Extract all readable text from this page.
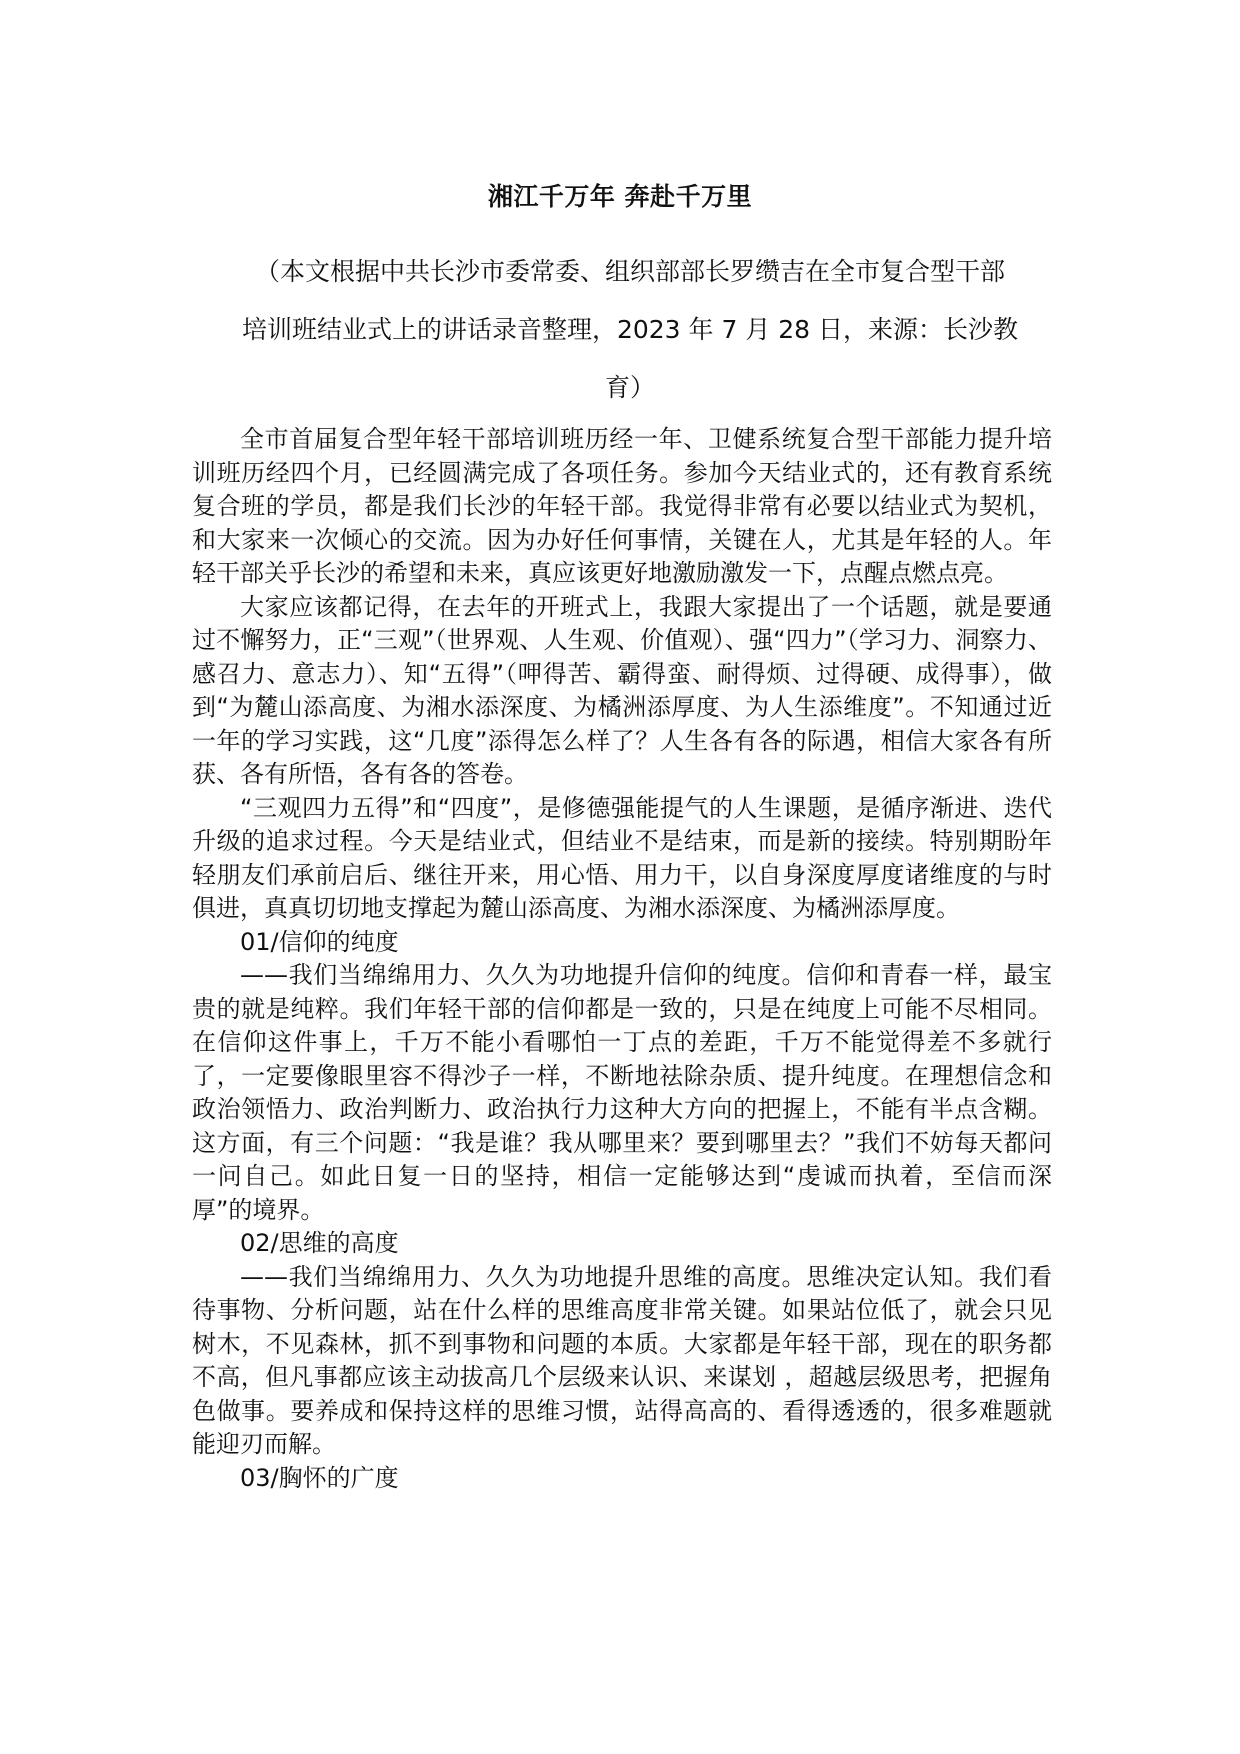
湘江千万年 奔赴千万里
（本文根据中共长沙市委常委、组织部部长罗缵吉在全市复合型干部
培训班结业式上的讲话录音整理，2023 年 7 月 28 日，来源：长沙教
育）

全市首届复合型年轻干部培训班历经一年、卫健系统复合型干部能力提升培训班历经四个月，已经圆满完成了各项任务。参加今天结业式的，还有教育系统复合班的学员，都是我们长沙的年轻干部。我觉得非常有必要以结业式为契机，和大家来一次倾心的交流。因为办好任何事情，关键在人，尤其是年轻的人。年轻干部关乎长沙的希望和未来，真应该更好地激励激发一下，点醒点燃点亮。

大家应该都记得，在去年的开班式上，我跟大家提出了一个话题，就是要通过不懈努力，正“三观”（世界观、人生观、价值观）、强“四力”（学习力、洞察力、感召力、意志力）、知“五得”（呷得苦、霸得蛮、耐得烦、过得硬、成得事），做到“为麓山添高度、为湘水添深度、为橘洲添厚度、为人生添维度”。不知通过近一年的学习实践，这“几度”添得怎么样了？人生各有各的际遇，相信大家各有所获、各有所悟，各有各的答卷。

“三观四力五得”和“四度”，是修德强能提气的人生课题，是循序渐进、迭代升级的追求过程。今天是结业式，但结业不是结束，而是新的接续。特别期盼年轻朋友们承前启后、继往开来，用心悟、用力干，以自身深度厚度诸维度的与时俱进，真真切切地支撑起为麓山添高度、为湘水添深度、为橘洲添厚度。

01/信仰的纯度

——我们当绵绵用力、久久为功地提升信仰的纯度。信仰和青春一样，最宝贵的就是纯粹。我们年轻干部的信仰都是一致的，只是在纯度上可能不尽相同。在信仰这件事上，千万不能小看哪怕一丁点的差距，千万不能觉得差不多就行了，一定要像眼里容不得沙子一样，不断地祛除杂质、提升纯度。在理想信念和政治领悟力、政治判断力、政治执行力这种大方向的把握上，不能有半点含糊。这方面，有三个问题：“我是谁？我从哪里来？要到哪里去？”我们不妨每天都问一问自己。如此日复一日的坚持，相信一定能够达到“虔诚而执着，至信而深厚”的境界。

02/思维的高度

——我们当绵绵用力、久久为功地提升思维的高度。思维决定认知。我们看待事物、分析问题，站在什么样的思维高度非常关键。如果站位低了，就会只见树木，不见森林，抓不到事物和问题的本质。大家都是年轻干部，现在的职务都不高，但凡事都应该主动拔高几个层级来认识、来谋划 ，超越层级思考，把握角色做事。要养成和保持这样的思维习惯，站得高高的、看得透透的，很多难题就能迎刃而解。

03/胸怀的广度
